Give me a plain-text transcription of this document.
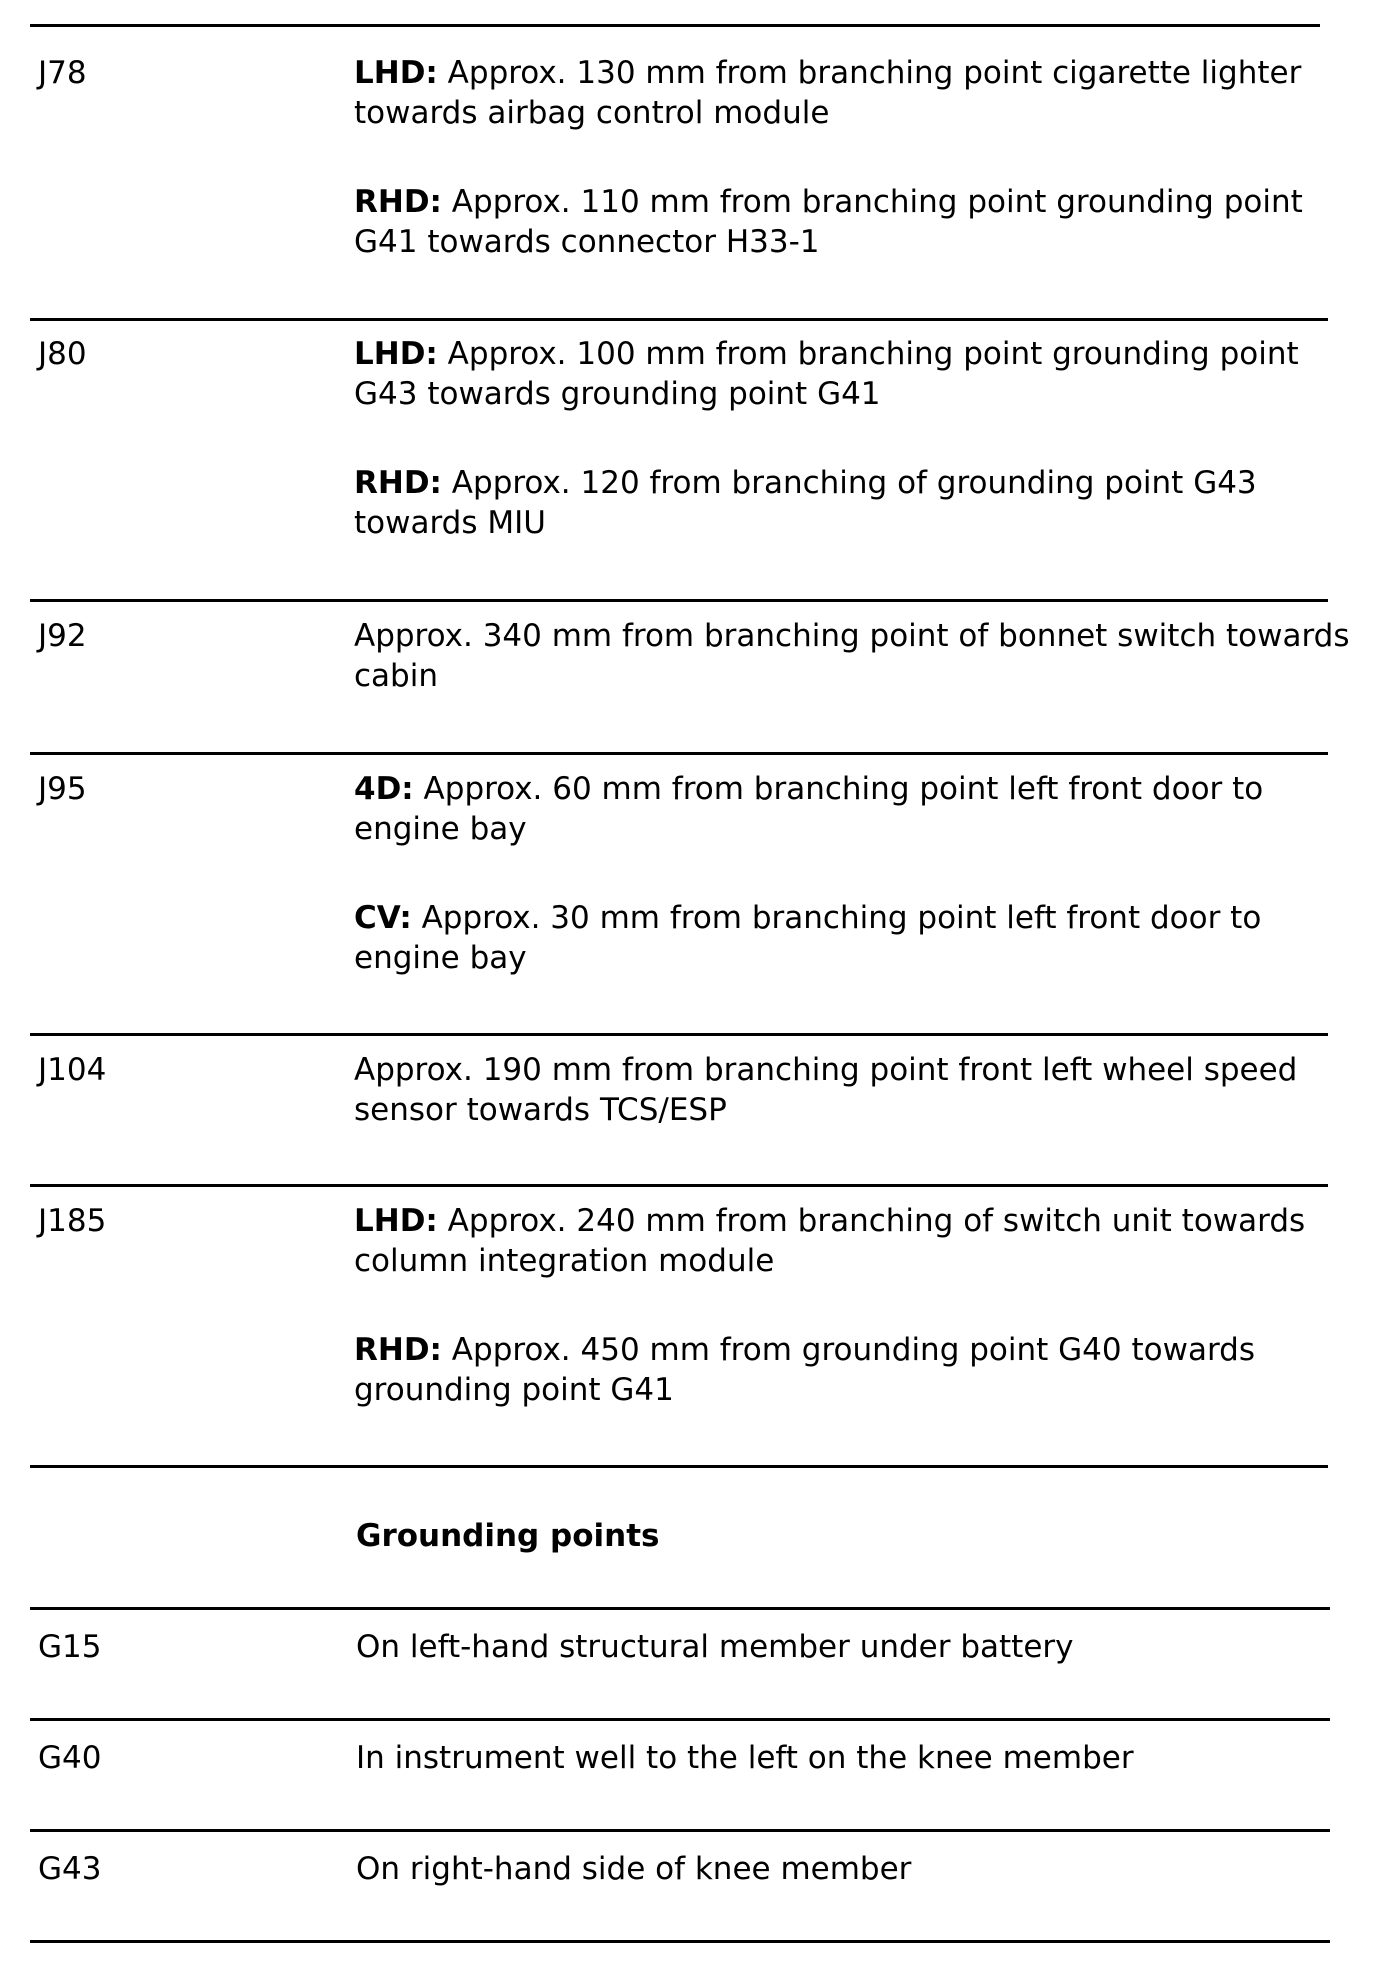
J78	LHD: Approx. 130 mm from branching point cigarette lighter towards airbag control module

RHD: Approx. 110 mm from branching point grounding point G41 towards connector H33-1

J80	LHD: Approx. 100 mm from branching point grounding point G43 towards grounding point G41

RHD: Approx. 120 from branching of grounding point G43 towards MIU

J92	Approx. 340 mm from branching point of bonnet switch towards cabin

J95	4D: Approx. 60 mm from branching point left front door to engine bay

CV: Approx. 30 mm from branching point left front door to engine bay

J104	Approx. 190 mm from branching point front left wheel speed sensor towards TCS/ESP

J185	LHD: Approx. 240 mm from branching of switch unit towards column integration module

RHD: Approx. 450 mm from grounding point G40 towards grounding point G41

Grounding points
G15	On left-hand structural member under battery
G40	In instrument well to the left on the knee member
G43	On right-hand side of knee member
